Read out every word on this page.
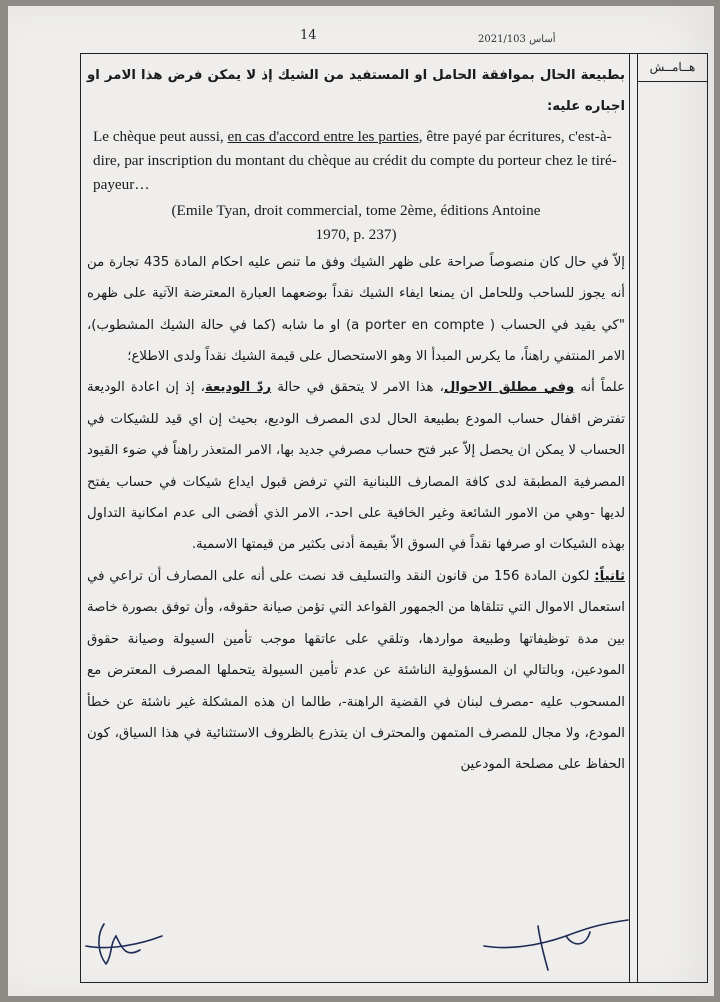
14	أساس 2021/103
هــامــش

بطبيعة الحال بموافقة الحامل او المستفيد من الشيك إذ لا يمكن فرض هذا الامر او اجباره عليه:

Le chèque peut aussi, en cas d'accord entre les parties, être payé par écritures, c'est-à-dire, par inscription du montant du chèque au crédit du compte du porteur chez le tiré-payeur…
(Emile Tyan, droit commercial, tome 2ème, éditions Antoine
1970, p. 237)

إلاّ في حال كان منصوصاً صراحة على ظهر الشيك وفق ما تنص عليه احكام المادة 435 تجارة من أنه يجوز للساحب وللحامل ان يمنعا ايفاء الشيك نقداً بوضعهما العبارة المعترضة الآتية على ظهره "كي يقيد في الحساب ( a porter en compte) او ما شابه (كما في حالة الشيك المشطوب)، الامر المنتفي راهناً، ما يكرس المبدأ الا وهو الاستحصال على قيمة الشيك نقداً ولدى الاطلاع؛

علماً أنه وفي مطلق الاحوال، هذا الامر لا يتحقق في حالة ردّ الوديعة، إذ إن اعادة الوديعة تفترض اقفال حساب المودع بطبيعة الحال لدى المصرف الوديع، بحيث إن اي قيد للشيكات في الحساب لا يمكن ان يحصل إلاّ عبر فتح حساب مصرفي جديد بها، الامر المتعذر راهناً في ضوء القيود المصرفية المطبقة لدى كافة المصارف اللبنانية التي ترفض قبول ايداع شيكات في حساب يفتح لديها -وهي من الامور الشائعة وغير الخافية على احد-، الامر الذي أفضى الى عدم امكانية التداول بهذه الشيكات او صرفها نقداً في السوق الاّ بقيمة أدنى بكثير من قيمتها الاسمية.

ثانياً: لكون المادة 156 من قانون النقد والتسليف قد نصت على أنه على المصارف أن تراعي في استعمال الاموال التي تتلقاها من الجمهور القواعد التي تؤمن صيانة حقوقه، وأن توفق بصورة خاصة بين مدة توظيفاتها وطبيعة مواردها، وتلقي على عاتقها موجب تأمين السيولة وصيانة حقوق المودعين، وبالتالي ان المسؤولية الناشئة عن عدم تأمين السيولة يتحملها المصرف المعترض مع المسحوب عليه -مصرف لبنان في القضية الراهنة-، طالما ان هذه المشكلة غير ناشئة عن خطأ المودع، ولا مجال للمصرف المتمهن والمحترف ان يتذرع بالظروف الاستثنائية في هذا السياق، كون الحفاظ على مصلحة المودعين
